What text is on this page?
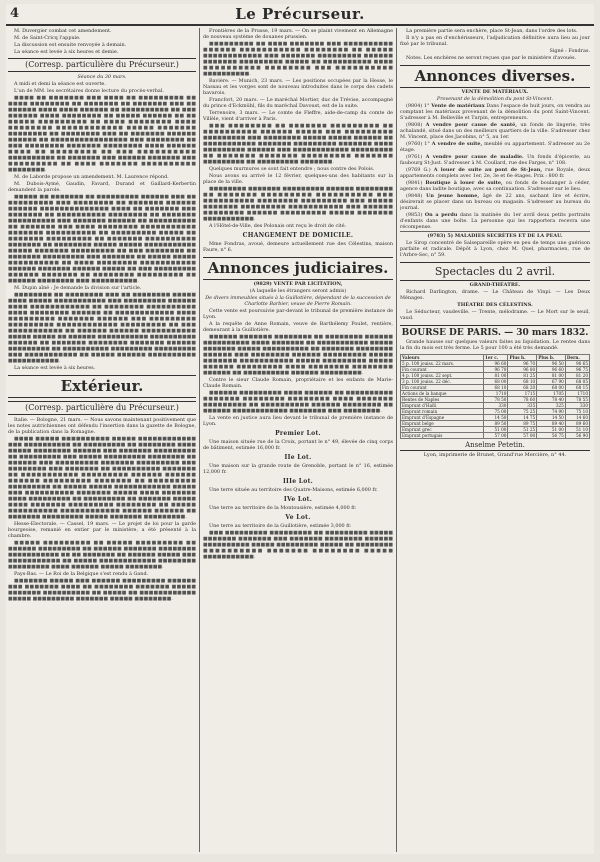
4	Le Précurseur.

M. Duvergier combat cet amendement.

M. de Saint-Cricq l'appuie.

La discussion est ensuite renvoyée à demain.

La séance est levée à six heures et demie.

(Corresp. particulière du Précurseur.)

Séance du 30 mars.

A midi et demi la séance est ouverte.

L'un de MM. les secrétaires donne lecture du procès-verbal.

■■■■ ■■ ■■■■■■■ ■■■ ■■■■ ■■ ■■■■■■■■■ ■■ ■■■■ ■■■■■■■■ ■■ ■■■■■■■ ■■ ■■■■■■■ ■■■ ■■ ■■■■■■ ■■■■ ■■■■ ■■■■■■ ■■ ■■■■■■■■■■ ■■ ■■■ ■■■■■■ ■■■■ ■■■■■■■■ ■■ ■■■■■ ■■■■■■ ■■ ■■ ■■■■■ ■■■■■■■■■ ■■ ■■■■ ■■■■■■■■ ■■■■ ■■■■■■■■ ■■■■■■■■■■■■ ■■■■■ ■■■■■■■ ■■■■■■■■ ■■ ■■■■■■■■ ■■■ ■■ ■■■■■■■ ■■■■■■ ■■■■■■ ■■ ■■■■■■■■■■■■■■■■ ■■■ ■■■■■■■■ ■■ ■■■ ■■■■■■■■ ■■■■■■■ ■■■■■■■■ ■■■■ ■■■■■■ ■■■■ ■■ ■■■■■■■■ ■■ ■■■ ■■■■■■■■■■ ■■■■■■■■■■ ■■ ■■■■■■■ ■■■ ■■■■■■ ■■■■■■■ ■■■ ■■■■■■■■■ ■■ ■■■■ ■■■■■■■ ■■■■■■■■■■ ■■■■■■■■.

M. de Laborde propose un amendement. M. Laurence répond.

M. Dubois-Aymé, Gaudin, Favard, Durand et Gaillard-Kerbertin demandent la parole.

■■■■■ ■■ ■■■■■■■ ■■ ■■■■■■■■■ ■■■■■■ ■■■ ■■ ■■■■■■■■■ ■■■ ■■■■■■■■ ■■ ■■■■■■■ ■■■■■■ ■■■■■■ ■■■■■■■■■■■■■■ ■■■■ ■■ ■■■■■■■ ■■■ ■■■■■■■ ■■ ■■■■■■■■■■ ■■■■■■■■ ■■ ■■■■■■■ ■■■■■■■■■■ ■■■ ■■■■■■■ ■■■■■■ ■■ ■■■■■■■■■■ ■■ ■■■■■■■ ■■■ ■■■■ ■■■■■■■■ ■■■■■■■■■■■ ■■■■■■■ ■■■■■■■■■■ ■■ ■■■■■■■■■ ■■■■■ ■■ ■■■■■■■ ■■■■■■■■■ ■■ ■■■■■■■ ■■■■■■■■■■ ■■■■■■■ ■■ ■■■■■■■■ ■■■■■ ■■■■■ ■■■■■■■■■■■ ■■■■■ ■■■■■■■ ■■■■■■■■■ ■■ ■■■ ■■■■■■■■ ■■ ■■■■■■■ ■■■■■■■■■ ■■■ ■■■■■■■ ■■ ■■■■■ ■■■■■ ■■■■■■■■■■ ■■ ■■■■ ■■■■■■■■ ■■■■■■■■■■■ ■■■■■■ ■■■■■■■ ■■■■■■ ■■■■■ ■■ ■■■ ■■■■■■■■■ ■■■■■■ ■■■■■■■ ■■ ■■■■■■■■ ■■■■■■■■■ ■■ ■■■■■■ ■■■■■■■■ ■■■ ■■■■■■■■■■.

M. Dupin aîné : Je demande la division sur l'article.

■■■■■■■■ ■■ ■■■■■■■■ ■■■ ■■ ■■■■■■■■ ■■■■■ ■■■■ ■■■■■ ■■■■■■■■■■■ ■■■ ■■■■■■■■■ ■■■■■■ ■■■■ ■■■■■■■■■■■■ ■■ ■■■■■■■■ ■■■■■■■■■■ ■■■■ ■■■■■■■■ ■■■■■■ ■■ ■■■■■■■■■■■■ ■■■■ ■■■■■■■■■ ■■■■■■■ ■■■■■■ ■■■ ■■■■■■■■■ ■■■■■■■■■ ■■■■■■■■■■■■ ■■■■■■■■■ ■■ ■■■ ■■■■■■■■■■■ ■■ ■■■■■■ ■■■■■■ ■■■■■■■■■■■ ■■■■■ ■■■■■ ■■ ■■■■■■ ■■■■■■■■■■■ ■■■■■■■■■■ ■■■■■■ ■■ ■■■■■■■ ■■■■■■■■ ■■■■■■■ ■■■■■■ ■■■■■■■■■ ■■ ■■■■■■■■■■ ■■■■■■■■■ ■■■■■■■■■ ■■■ ■■■■■■■■■■■ ■■ ■■■■■ ■■■■■■ ■■■■■■■■■■ ■■■■■■■■■■■.

La séance est levée à six heures.

Extérieur.
(Corresp. particulière du Précurseur.)

Italie. — Bologne, 21 mars. — Nous savons maintenant positivement que les notes autrichiennes ont défendu l'insertion dans la gazette de Bologne, de la publication dans la Romagne.

■■■■ ■■■■■ ■■■■■■■■■■ ■■■■■ ■■■■■■■■■■■■ ■■■ ■■■■■■■■■■ ■■ ■■■■■■■■■ ■■ ■■■■■■■■ ■■■■ ■■■■■ ■■■■■■■■ ■■■■■■ ■■■ ■■■■■■■ ■■■■■■■■■ ■■ ■■■■■■■■■ ■■■ ■■■■■ ■■■■■■■■■ ■■■■■■■■ ■■ ■■■■■■ ■■■ ■■■■■■■■■ ■■■■■■■ ■■■■■■■■■ ■■■ ■■■■■■■■ ■■■ ■■■■■■■ ■■ ■■■■■■■■■■ ■■■■■■■ ■■ ■■■■■■■■■■■ ■■■■■■■■■ ■■■■■■ ■■■■■■ ■■■■■■ ■■■■■■■■■ ■■■■■■■ ■■ ■■■■■■■■■ ■■■■■■■■■ ■■ ■■■■■ ■■■■■ ■■■■■■■■■■■■ ■■■■■ ■■■ ■■■■■■■■■■ ■■■■■■■ ■■■■■ ■■■■ ■■■■■■■ ■■■■ ■■■■■■■■■ ■■ ■■■■■■■■■ ■■ ■■■■■■■ ■■■■■ ■■■■ ■■■■■■■ ■■■■■■■■■ ■■■■■■■■ ■■ ■■■■■ ■■■■■■■■■■ ■■■■■■■■■■■■ ■■■■■■ ■■■■■■ ■■ ■■■■■■■ ■■■■■■■■■ ■■■■■ ■■■■■■■ ■■■■■■■■■.

Hesse-Electorale. — Cassel, 19 mars. — Le projet de loi pour la garde bourgeoise, remanié en entier par le ministère, a été présenté à la chambre.

■■■■■ ■■■■■■■■■ ■■ ■■■■■ ■■■■■■■■■ ■■ ■■■■■■ ■■■■■■■■■ ■■ ■■■■■■ ■■■■■■■ ■■■■■■■■ ■■■■■■■■■■■ ■■ ■■ ■■■■■■■ ■■ ■■■■■■ ■■■■■ ■■■ ■■■■■■■■■■■ ■■ ■■■■■ ■■■■■■■■■■■■ ■■■■■■■■ ■■■■■■■■■ ■■■■ ■■■■■■ ■■■■■ ■■■■■■■■.

Pays-Bas. — Le Roi de la Belgique s'est rendu à Gand.

■■■■■■■ ■■■■■ ■■■ ■■■■■■ ■■■■■■■■■ ■■■■■■ ■■■ ■■■■■■■ ■■■■ ■■ ■■■■■■■■ ■■■■■■■ ■■■■■ ■■■■■■■ ■■■■■■■■■■ ■■ ■■■■■ ■■ ■■■■■■■■■■■■ ■■■■■ ■■■■■■■■■ ■■■■■■■ ■■■■■ ■■■■■■■■.

Frontières de la Prusse, 19 mars. — On se plaint vivement en Allemagne de nouveau système de douanes prussien.

■■■■■■■■■ ■■ ■■■■ ■■■■■■■ ■■■ ■■■■■■■■■■ ■■■■■■ ■■■■■■■■■■■ ■■■■■■■■ ■■ ■■■■■ ■■■■■■■■■■■■ ■■■ ■■■■■■■ ■■■■■■■■■ ■■■■■■ ■■■■■■■ ■■■■■■■■■ ■■■■■ ■■ ■■■■■■■■■■ ■■■■ ■■■■■■■■■■ ■■■■■■■■ ■■■ ■■■■■■■■■■ ■■■■■■■■■■.

Bavière. — Munich, 23 mars. — Les positions occupées par la Hesse, le Nassau et les vorges sont de nouveau introduites dans le corps des cadets bavarois.

Francfort, 20 mars. — Le maréchal Mortier, duc de Trévise, accompagné du prince d'Eckmühl, fils du maréchal Davoust, est de la suite.

Terrenoire, 3 mars. — Le comte de Fleffre, aide-de-camp du comte de Villèle, vient d'arriver à Paris.

■■■ ■■■■■■■■ ■■ ■■■■■■■ ■■■■■■■■■ ■■ ■■■■■■■■■■ ■■■■■■ ■■■■■ ■■■ ■■■■■■■■■ ■■■■■■■■■ ■■■ ■■■■■■■■ ■■■■■ ■■■■■ ■■■■■■ ■■ ■■■■■■■■■■■ ■■■■■■■ ■■■■■■■■■ ■■■■■■■ ■■■■ ■■■■■■■■■ ■■■■■■ ■■■ ■■■■■■■■■■■■ ■■■■■■■■■ ■■ ■■■■■■■ ■■■■■■■ ■■■■■■■■■ ■■■■■■■ ■■■■■■■■■ ■■ ■■■■■■■■■ ■■■■■■■.

Quelques murmures se sont fait entendre ; nous contre des Polois.

Nous avons su arrivé le 12 février, quelques-uns des habitants sur la place de la ville.

■■■■■■■■ ■■■■■■■ ■■■■■■■■■ ■■■■■■ ■■■■■■■■ ■■ ■■■■■■■ ■■■■■■■■■ ■■■■■■■■■■ ■■■ ■■■■■■■■■■ ■■■■■■■■ ■■■■■■■■■ ■■■ ■■■■■ ■■■■■■■ ■■■■■■■■■ ■■■■■■■■■■■ ■■■ ■■■■■■ ■■■■■■■■ ■■■■■■ ■■■■■■■■■ ■■■■■ ■■■■■■■ ■■■■■■■■■■■.

A l'Hôtel-de-Ville, des Polonais ont reçu le droit de cité.

CHANGEMENT DE DOMICILE.

Mme Fondras, avoué, demeure actuellement rue des Célestins, maison Faure, n° 6.

Annonces judiciaires.

(9829) VENTE PAR LICITATION,

(A laquelle les étrangers seront admis)

De divers immeubles situés à la Guillotière, dépendant de la succession de Charlotte Barbier, veuve de Pierre Romain.

Cette vente est poursuivie par-devant le tribunal de première instance de Lyon.

A la requête de Anne Romain, veuve de Barthélemy Poulet, rentière, demeurant à la Guillotière.

■■■■■■ ■■■■■■■ ■■■■■■■■ ■■ ■■■■■■■■ ■■■■■■ ■■■■■■■■■■ ■■■■ ■■■■■■■ ■■ ■■■■■■■■■■■ ■■■■■ ■■■■■■■ ■■■■■ ■■■■■■■■■■ ■■ ■■■■■■■ ■■■■■■■■ ■■■■■■ ■■■ ■■■■■■■■ ■■■■■■ ■■■■■■■■■ ■■■■■ ■■■■■■■ ■■■■■■■■■■■ ■■■■■ ■■■■■■■■■ ■■■■■ ■■■■■■ ■■■■■■■■■ ■■■■ ■■■■■■■■ ■■■■■■■■ ■■■■■■ ■■ ■■■■■■■■■■ ■■■■■■ ■■■■■■■■■.

Contre le sieur Claude Romain, propriétaire et les enfants de Marie-Claude Romain.

■■■■■■ ■■■■■■■■■ ■■■■ ■■■■■■ ■■ ■■■■■■■■■■ ■■■■■■■ ■■■■■■■■ ■■■■■■■■ ■■■■ ■■■■■■■ ■■■■■■■■■ ■■ ■■■■■■■■■■ ■■■■■■ ■■■■■■■■ ■■ ■■■■■■ ■■■■■■■■■■■■ ■■■■■■■■ ■■■ ■■■■■■■■.

La vente en justice aura lieu devant le tribunal de première instance de Lyon.

Premier Lot.

Une maison située rue de la Croix, portant le n° 49, élevée de cinq corps de bâtiment, estimée 16,000 fr.

IIe Lot.

Une maison sur la grande route de Grenoble, portant le n° 16, estimée 12,000 fr.

IIIe Lot.

Une terre située au territoire des Quatre-Maisons, estimée 6,000 fr.

IVe Lot.

Une terre au territoire de la Montousière, estimée 4,000 fr.

Ve Lot.

Une terre au territoire de la Guillotière, estimée 3,000 fr.

■■■ ■■■■■■■■■ ■■■■■■■■■ ■■ ■■■■■■■■■ ■■■■■ ■■■■■■■ ■■■■■■■ ■■■ ■■■■■■■ ■■■■■■■■ ■■■■■■ ■■■■■■■■■■ ■■■■■ ■■■■■■■■■ ■■■■■ ■■ ■■■■■■■■ ■■■■■■■■■■ ■■■■■■■ ■■■■■■■■ ■■■■■ ■■■■■■■■■■■.

La première partie sera enchère, place St-Jean, dans l'ordre des lots.

Il n'y a pas en d'enchérisseurs, l'adjudication définitive aura lieu au jour fixé par le tribunal.

Signé : Fondras.

Notes. Les enchères ne seront reçues que par le ministère d'avoués.

Annonces diverses.

VENTE DE MATÉRIAUX.

Provenant de la démolition du pont St-Vincent.

(9804) 1° Vente de matériaux Dans l'espace de huit jours, on vendra au comptant les matériaux provenant de la démolition du pont Saint-Vincent. S'adresser à M. Belleville et Turpin, entrepreneurs.

(9808) A vendre pour cause de santé, un fonds de lingerie, très achalandé, situé dans un des meilleurs quartiers de la ville. S'adresser chez M. Vincent, place des Jacobins, n° 5, au 1er.

(9760) 1° A vendre de suite, meublé ou appartement. S'adresser au 2e étage.

(9761) A vendre pour cause de maladie. Un fonds d'épicerie, au faubourg St-Just. S'adresser à M. Coullard, rue des Farges, n° 108.

(9769 G.) A louer de suite au pont de St-Jean, rue Royale, deux appartements complets avec 1er, 2e, 3e et 6e étages. Prix : 800 fr.

(9841) Boutique à louer de suite, ou fonds de boulanger à céder, agence dans ladite boutique, avec sa continuation. S'adresser sur le lieu.

(9848) Un jeune homme, âgé de 22 ans, sachant lire et écrire, désirerait se placer dans un bureau ou magasin. S'adresser au bureau du journal.

(9853) On a perdu dans la matinée du 1er avril deux petits portraits d'enfants dans une boîte. La personne qui les rapportera recevra une récompense.

(9783) 5) MALADIES SECRÈTES ET DE LA PEAU.

Le Sirop concentré de Salsepareille opère en peu de temps une guérison parfaite et radicale. Dépôt à Lyon, chez M. Quel, pharmacien, rue de l'Arbre-Sec, n° 59.

Spectacles du 2 avril.

GRAND-THÉATRE.

Richard Darlington, drame. — Le Château de Vinpi. — Les Deux Ménages.

THÉATRE DES CÉLESTINS.

Le Séducteur, vaudeville. — Trente, mélodrame. — Le Mort sur le seuil, vaud.

BOURSE DE PARIS. — 30 mars 1832.

Grande hausse sur quelques valeurs faites au liquidation. Le rentes dans la fin du mois est très ferme. Le 5 pour 100 a été très demandé.

Valeurs	1er c.	Plus h.	Plus b.	Dern.
5 p. 100 jouiss. 22 mars.	96 60	96 70	96 50	96 65
Fin courant	96 70	96 80	96 60	96 75
4 p. 100 jouiss. 22 sept.	81 00	81 25	81 00	81 20
3 p. 100 jouiss. 22 déc.	68 00	68 10	67 90	68 05
Fin courant	68 10	68 20	68 00	68 15
Actions de la banque	1710	1715	1705	1710
Rentes de Naples	78 50	78 60	78 40	78 55
Emprunt d'Haïti	330	335	325	330
Emprunt romain	75 00	75 25	74 90	75 10
Emprunt d'Espagne	14 50	14 75	14 50	14 60
Emprunt belge	89 50	89 75	89 40	89 60
Emprunt grec	51 00	51 25	51 00	51 10
Emprunt portugais	57 00	57 00	56 75	56 90

Anselme Petetin.

Lyon, imprimerie de Brunet, Grand'rue Mercière, n° 44.
